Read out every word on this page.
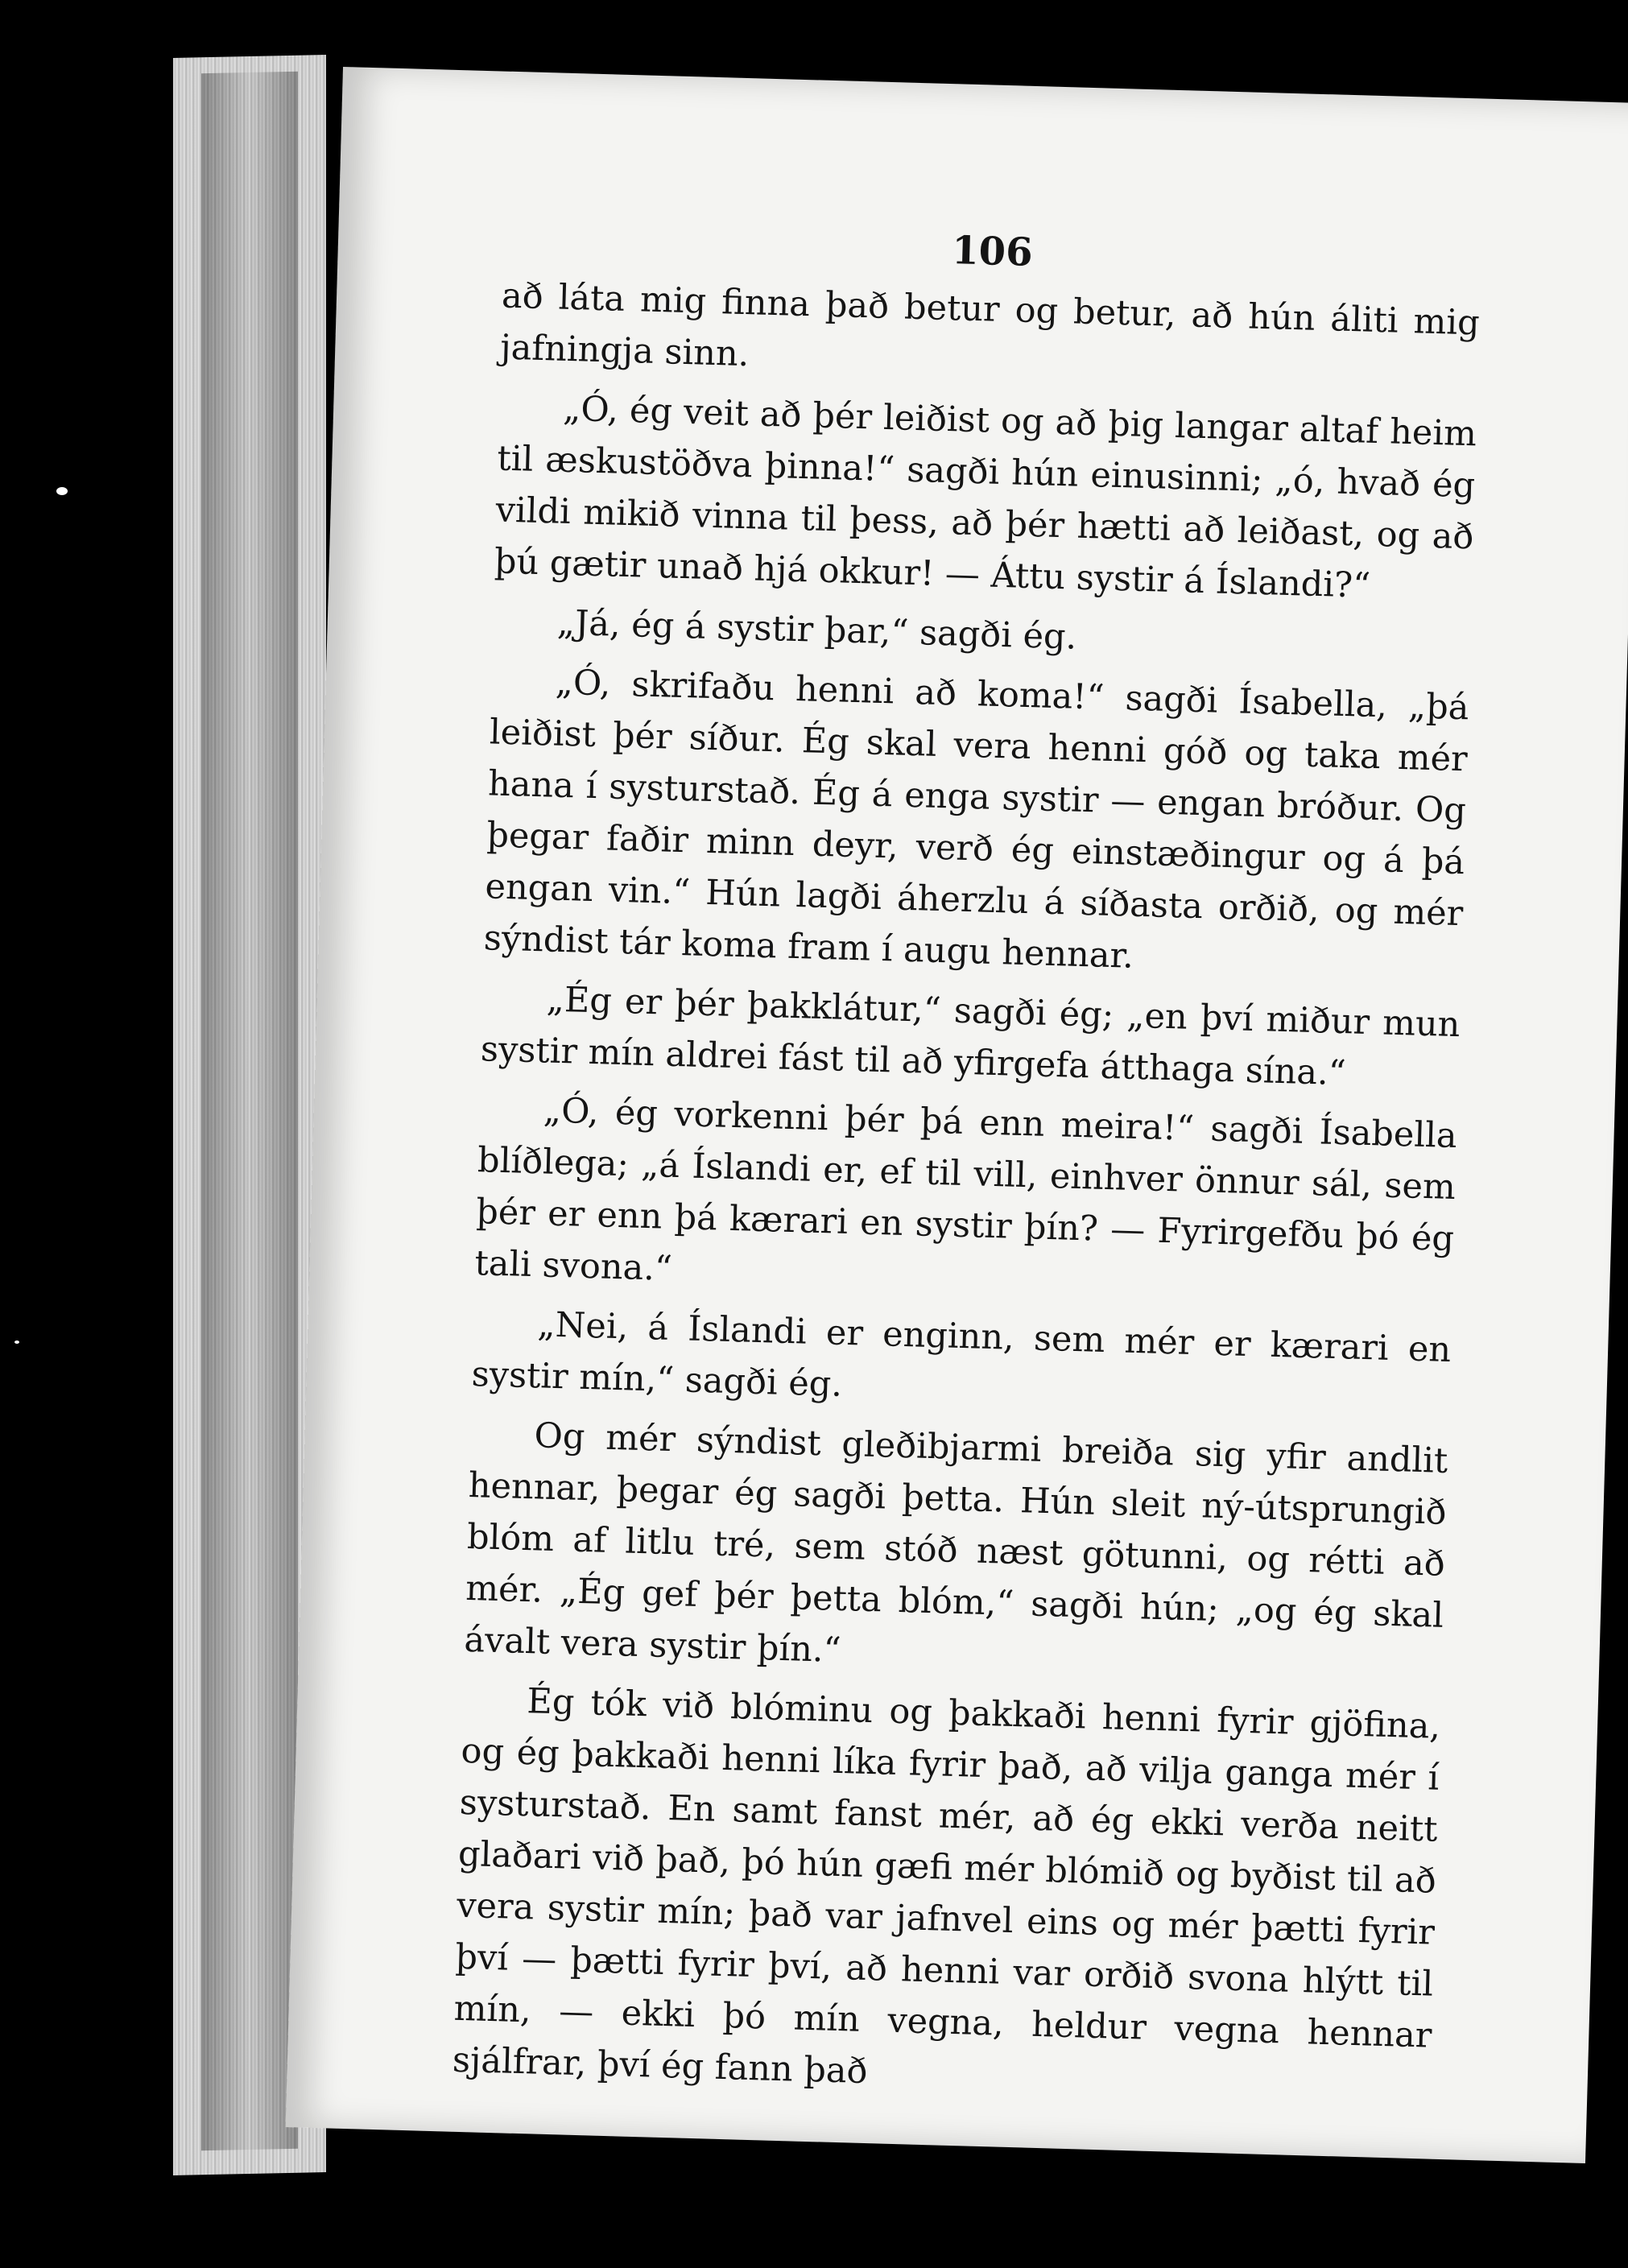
106

að láta mig finna það betur og betur, að hún áliti mig jafningja sinn.

„Ó, ég veit að þér leiðist og að þig langar altaf heim til æskustöðva þinna!“ sagði hún einusinni; „ó, hvað ég vildi mikið vinna til þess, að þér hætti að leiðast, og að þú gætir unað hjá okkur! — Áttu systir á Íslandi?“

„Já, ég á systir þar,“ sagði ég.

„Ó, skrifaðu henni að koma!“ sagði Ísabella, „þá leiðist þér síður. Ég skal vera henni góð og taka mér hana í systurstað. Ég á enga systir — engan bróður. Og þegar faðir minn deyr, verð ég einstæðingur og á þá engan vin.“ Hún lagði áherzlu á síðasta orðið, og mér sýndist tár koma fram í augu hennar.

„Ég er þér þakklátur,“ sagði ég; „en því miður mun systir mín aldrei fást til að yfirgefa átthaga sína.“

„Ó, ég vorkenni þér þá enn meira!“ sagði Ísabella blíðlega; „á Íslandi er, ef til vill, einhver önnur sál, sem þér er enn þá kærari en systir þín? — Fyrirgefðu þó ég tali svona.“

„Nei, á Íslandi er enginn, sem mér er kærari en systir mín,“ sagði ég.

Og mér sýndist gleðibjarmi breiða sig yfir andlit hennar, þegar ég sagði þetta. Hún sleit ný-útsprungið blóm af litlu tré, sem stóð næst götunni, og rétti að mér. „Ég gef þér þetta blóm,“ sagði hún; „og ég skal ávalt vera systir þín.“

Ég tók við blóminu og þakkaði henni fyrir gjöfina, og ég þakkaði henni líka fyrir það, að vilja ganga mér í systurstað. En samt fanst mér, að ég ekki verða neitt glaðari við það, þó hún gæfi mér blómið og byðist til að vera systir mín; það var jafnvel eins og mér þætti fyrir því — þætti fyrir því, að henni var orðið svona hlýtt til mín, — ekki þó mín vegna, heldur vegna hennar sjálfrar, því ég fann það
